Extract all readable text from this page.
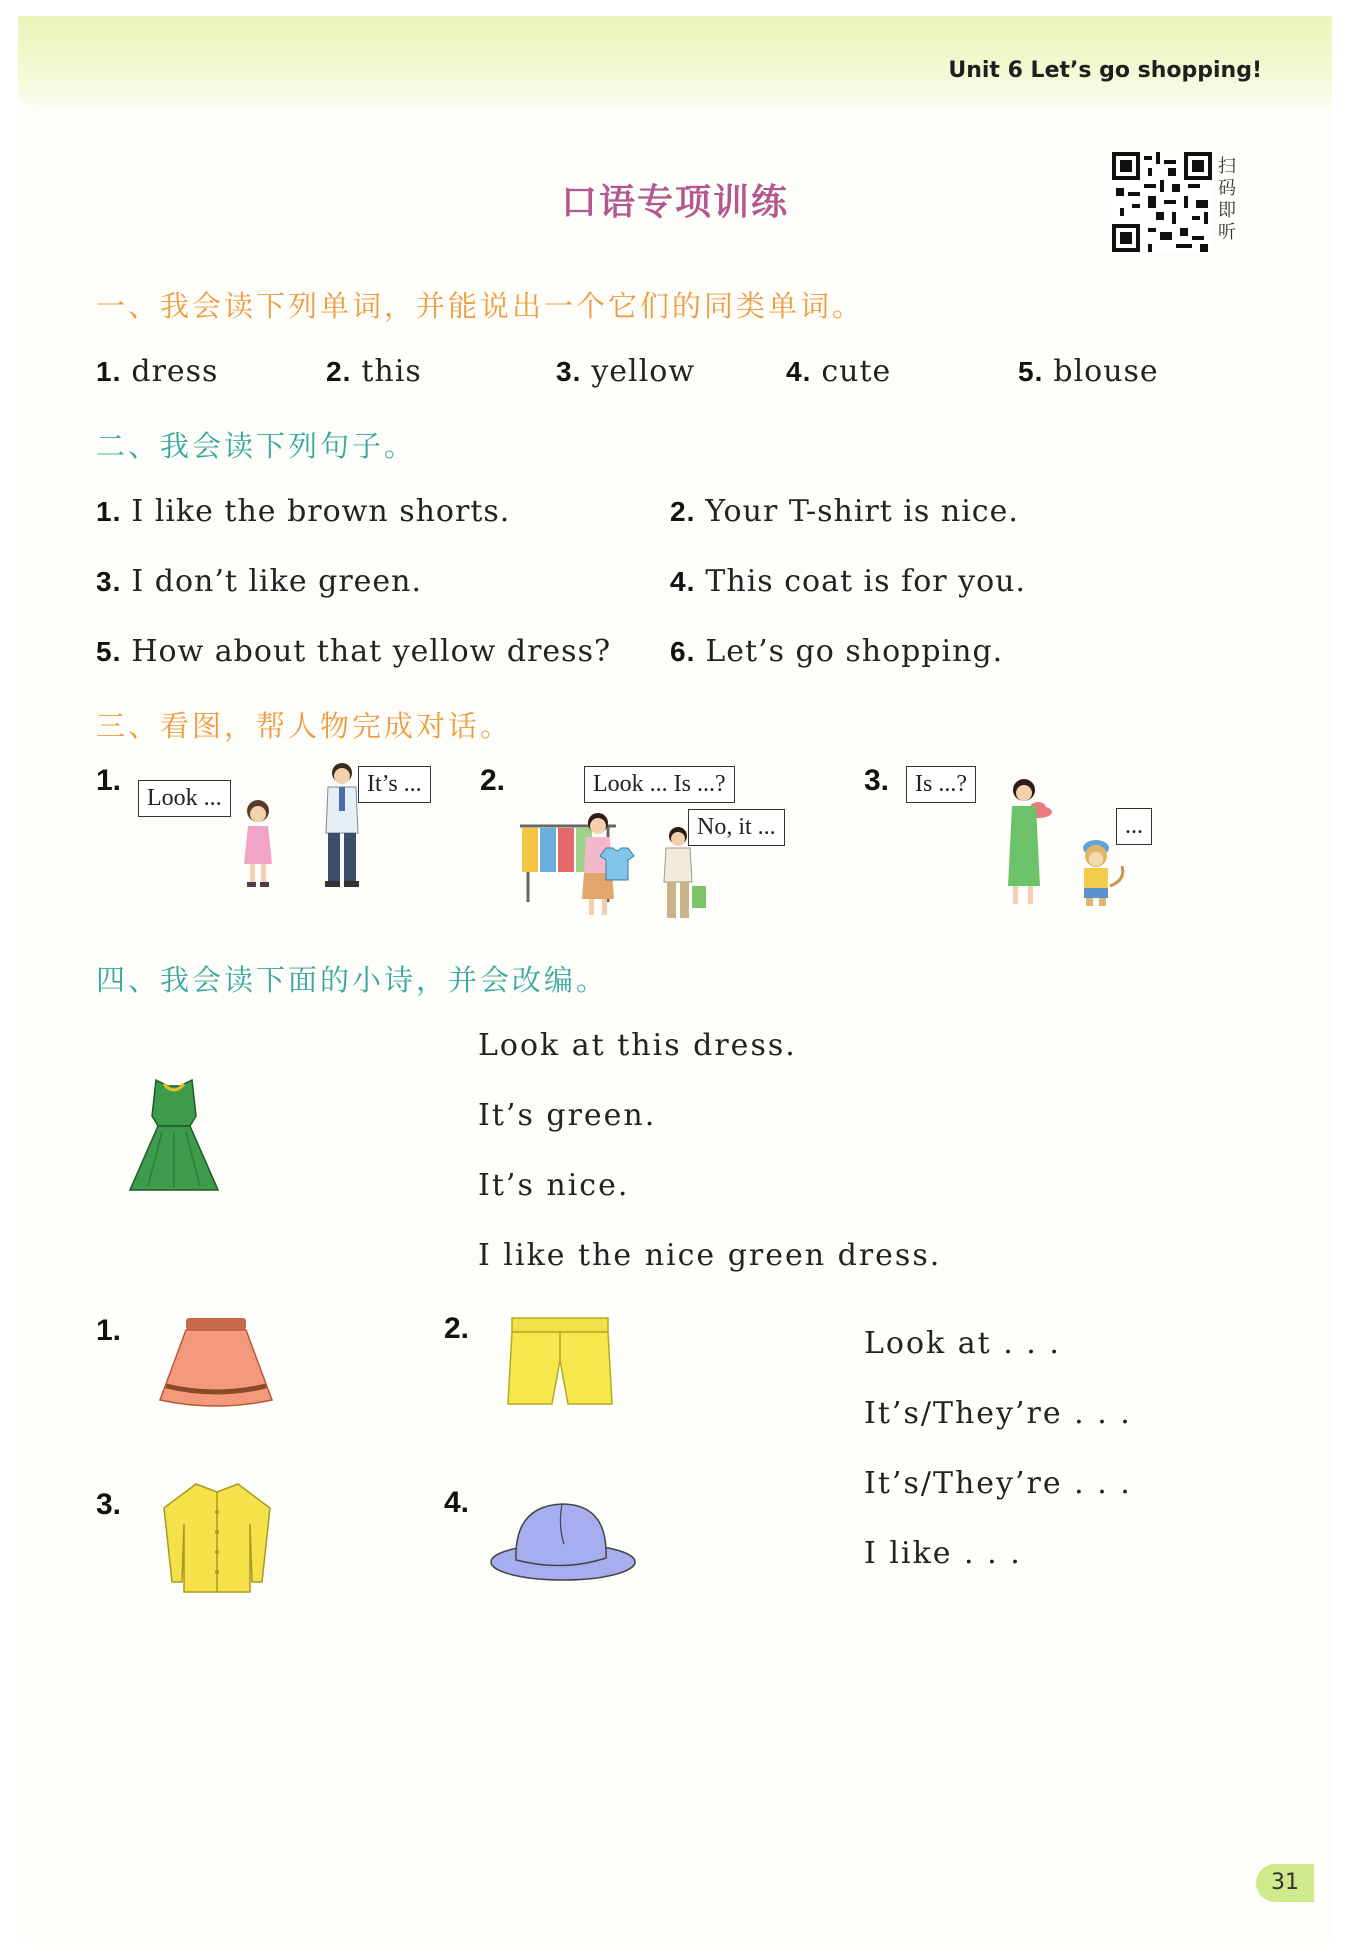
Unit 6 Let’s go shopping!
口语专项训练
扫
码
即
听
一、我会读下列单词，并能说出一个它们的同类单词。
1. dress	2. this	3. yellow	4. cute	5. blouse
二、我会读下列句子。
1. I like the brown shorts.	2. Your T-shirt is nice.
3. I don’t like green.	4. This coat is for you.
5. How about that yellow dress? 6. Let’s go shopping.
三、看图，帮人物完成对话。
1.
Look ...
It’s ...	2.	Look ... Is ...?
No, it ...
3.	Is ...?
...
四、我会读下面的小诗，并会改编。
Look at this dress.
It’s green.
It’s nice.
I like the nice green dress.
1.	2.
3.	4.
Look at . . .
It’s/They’re . . .
It’s/They’re . . .
I like . . .
31
